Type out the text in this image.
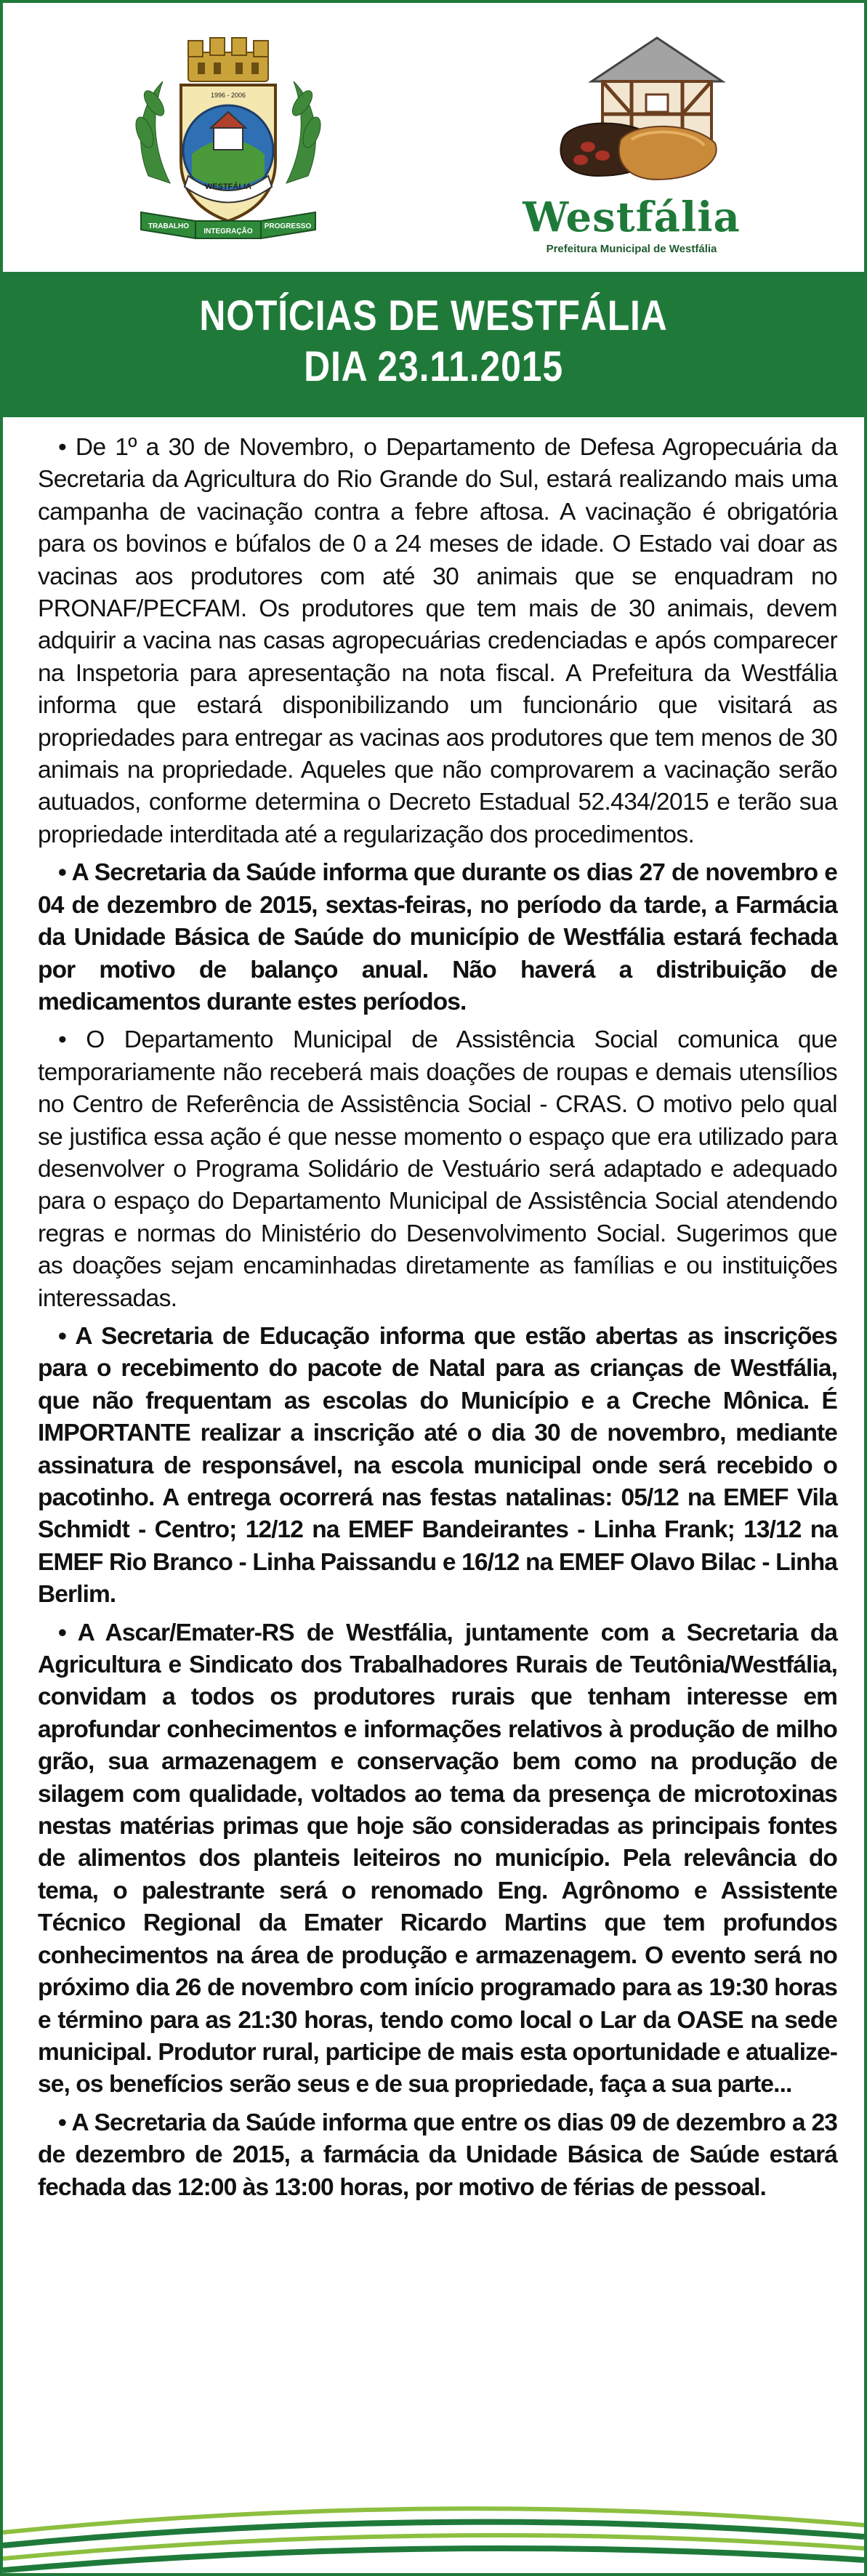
WESTFÁLIA
1996 - 2006
TRABALHO
INTEGRAÇÃO
PROGRESSO	Westfália
Prefeitura Municipal de Westfália
NOTÍCIAS DE WESTFÁLIA
DIA 23.11.2015

• De 1º a 30 de Novembro, o Departamento de Defesa Agropecuária da Secretaria da Agricultura do Rio Grande do Sul, estará realizando mais uma campanha de vacinação contra a febre aftosa. A vacinação é obrigatória para os bovinos e búfalos de 0 a 24 meses de idade. O Estado vai doar as vacinas aos produtores com até 30 animais que se enquadram no PRONAF/PECFAM. Os produtores que tem mais de 30 animais, devem adquirir a vacina nas casas agropecuárias credenciadas e após comparecer na Inspetoria para apresentação na nota fiscal. A Prefeitura da Westfália informa que estará disponibilizando um funcionário que visitará as propriedades para entregar as vacinas aos produtores que tem menos de 30 animais na propriedade. Aqueles que não comprovarem a vacinação serão autuados, conforme determina o Decreto Estadual 52.434/2015 e terão sua propriedade interditada até a regularização dos procedimentos.

• A Secretaria da Saúde informa que durante os dias 27 de novembro e 04 de dezembro de 2015, sextas-feiras, no período da tarde, a Farmácia da Unidade Básica de Saúde do município de Westfália estará fechada por motivo de balanço anual. Não haverá a distribuição de medicamentos durante estes períodos.

• O Departamento Municipal de Assistência Social comunica que temporariamente não receberá mais doações de roupas e demais utensílios no Centro de Referência de Assistência Social - CRAS. O motivo pelo qual se justifica essa ação é que nesse momento o espaço que era utilizado para desenvolver o Programa Solidário de Vestuário será adaptado e adequado para o espaço do Departamento Municipal de Assistência Social atendendo regras e normas do Ministério do Desenvolvimento Social. Sugerimos que as doações sejam encaminhadas diretamente as famílias e ou instituições interessadas.

• A Secretaria de Educação informa que estão abertas as inscrições para o recebimento do pacote de Natal para as crianças de Westfália, que não frequentam as escolas do Município e a Creche Mônica. É IMPORTANTE realizar a inscrição até o dia 30 de novembro, mediante assinatura de responsável, na escola municipal onde será recebido o pacotinho. A entrega ocorrerá nas festas natalinas: 05/12 na EMEF Vila Schmidt - Centro; 12/12 na EMEF Bandeirantes - Linha Frank; 13/12 na EMEF Rio Branco - Linha Paissandu e 16/12 na EMEF Olavo Bilac - Linha Berlim.

• A Ascar/Emater-RS de Westfália, juntamente com a Secretaria da Agricultura e Sindicato dos Trabalhadores Rurais de Teutônia/Westfália, convidam a todos os produtores rurais que tenham interesse em aprofundar conhecimentos e informações relativos à produção de milho grão, sua armazenagem e conservação bem como na produção de silagem com qualidade, voltados ao tema da presença de microtoxinas nestas matérias primas que hoje são consideradas as principais fontes de alimentos dos planteis leiteiros no município. Pela relevância do tema, o palestrante será o renomado Eng. Agrônomo e Assistente Técnico Regional da Emater Ricardo Martins que tem profundos conhecimentos na área de produção e armazenagem. O evento será no próximo dia 26 de novembro com início programado para as 19:30 horas e término para as 21:30 horas, tendo como local o Lar da OASE na sede municipal. Produtor rural, participe de mais esta oportunidade e atualize-se, os benefícios serão seus e de sua propriedade, faça a sua parte...

• A Secretaria da Saúde informa que entre os dias 09 de dezembro a 23 de dezembro de 2015, a farmácia da Unidade Básica de Saúde estará fechada das 12:00 às 13:00 horas, por motivo de férias de pessoal.
